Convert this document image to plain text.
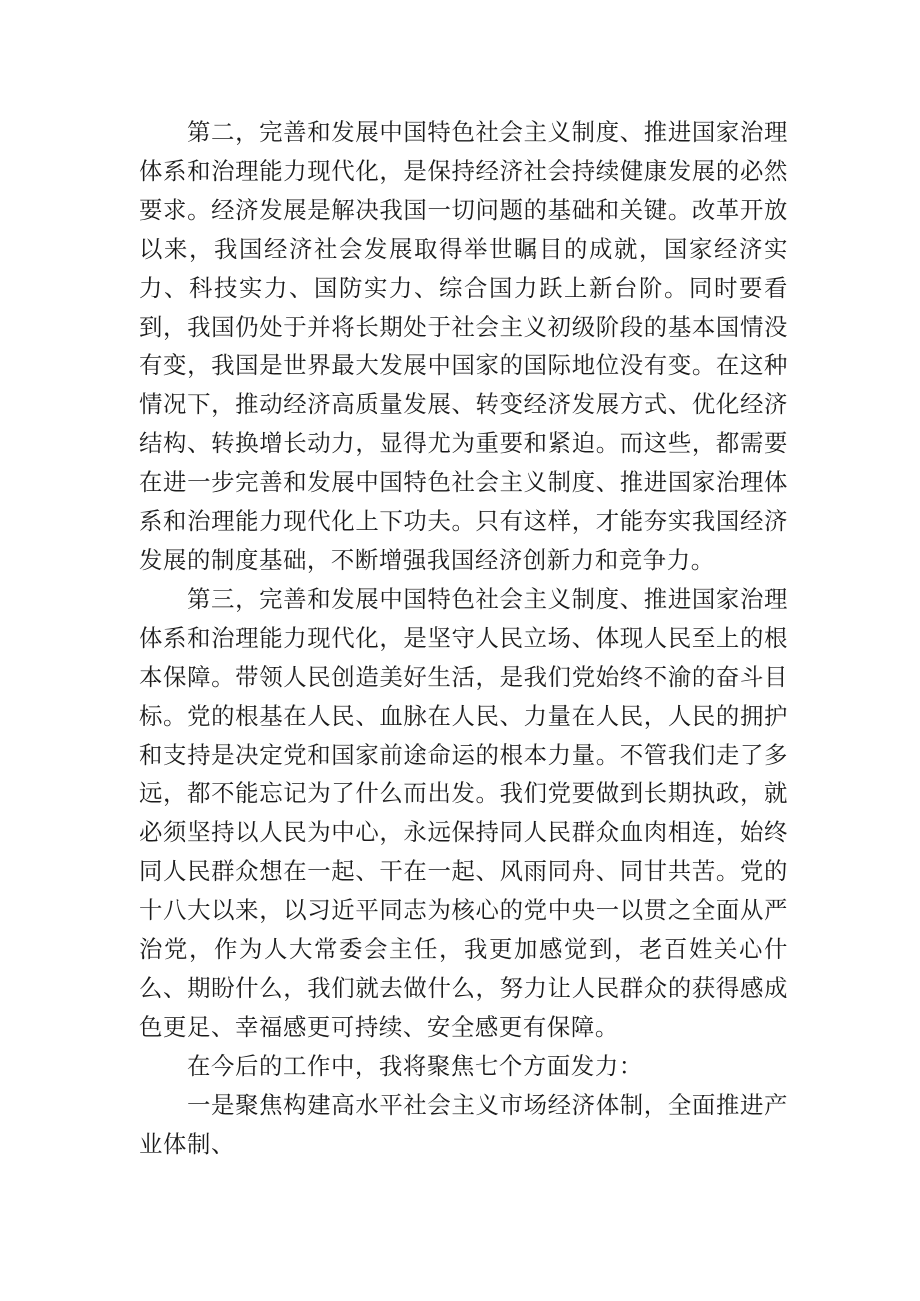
第二，完善和发展中国特色社会主义制度、推进国家治理体系和治理能力现代化，是保持经济社会持续健康发展的必然要求。经济发展是解决我国一切问题的基础和关键。改革开放以来，我国经济社会发展取得举世瞩目的成就，国家经济实力、科技实力、国防实力、综合国力跃上新台阶。同时要看到，我国仍处于并将长期处于社会主义初级阶段的基本国情没有变，我国是世界最大发展中国家的国际地位没有变。在这种情况下，推动经济高质量发展、转变经济发展方式、优化经济结构、转换增长动力，显得尤为重要和紧迫。而这些，都需要在进一步完善和发展中国特色社会主义制度、推进国家治理体系和治理能力现代化上下功夫。只有这样，才能夯实我国经济发展的制度基础，不断增强我国经济创新力和竞争力。

第三，完善和发展中国特色社会主义制度、推进国家治理体系和治理能力现代化，是坚守人民立场、体现人民至上的根本保障。带领人民创造美好生活，是我们党始终不渝的奋斗目标。党的根基在人民、血脉在人民、力量在人民，人民的拥护和支持是决定党和国家前途命运的根本力量。不管我们走了多远，都不能忘记为了什么而出发。我们党要做到长期执政，就必须坚持以人民为中心，永远保持同人民群众血肉相连，始终同人民群众想在一起、干在一起、风雨同舟、同甘共苦。党的十八大以来，以习近平同志为核心的党中央一以贯之全面从严治党，作为人大常委会主任，我更加感觉到，老百姓关心什么、期盼什么，我们就去做什么，努力让人民群众的获得感成色更足、幸福感更可持续、安全感更有保障。

在今后的工作中，我将聚焦七个方面发力：

一是聚焦构建高水平社会主义市场经济体制，全面推进产业体制、
